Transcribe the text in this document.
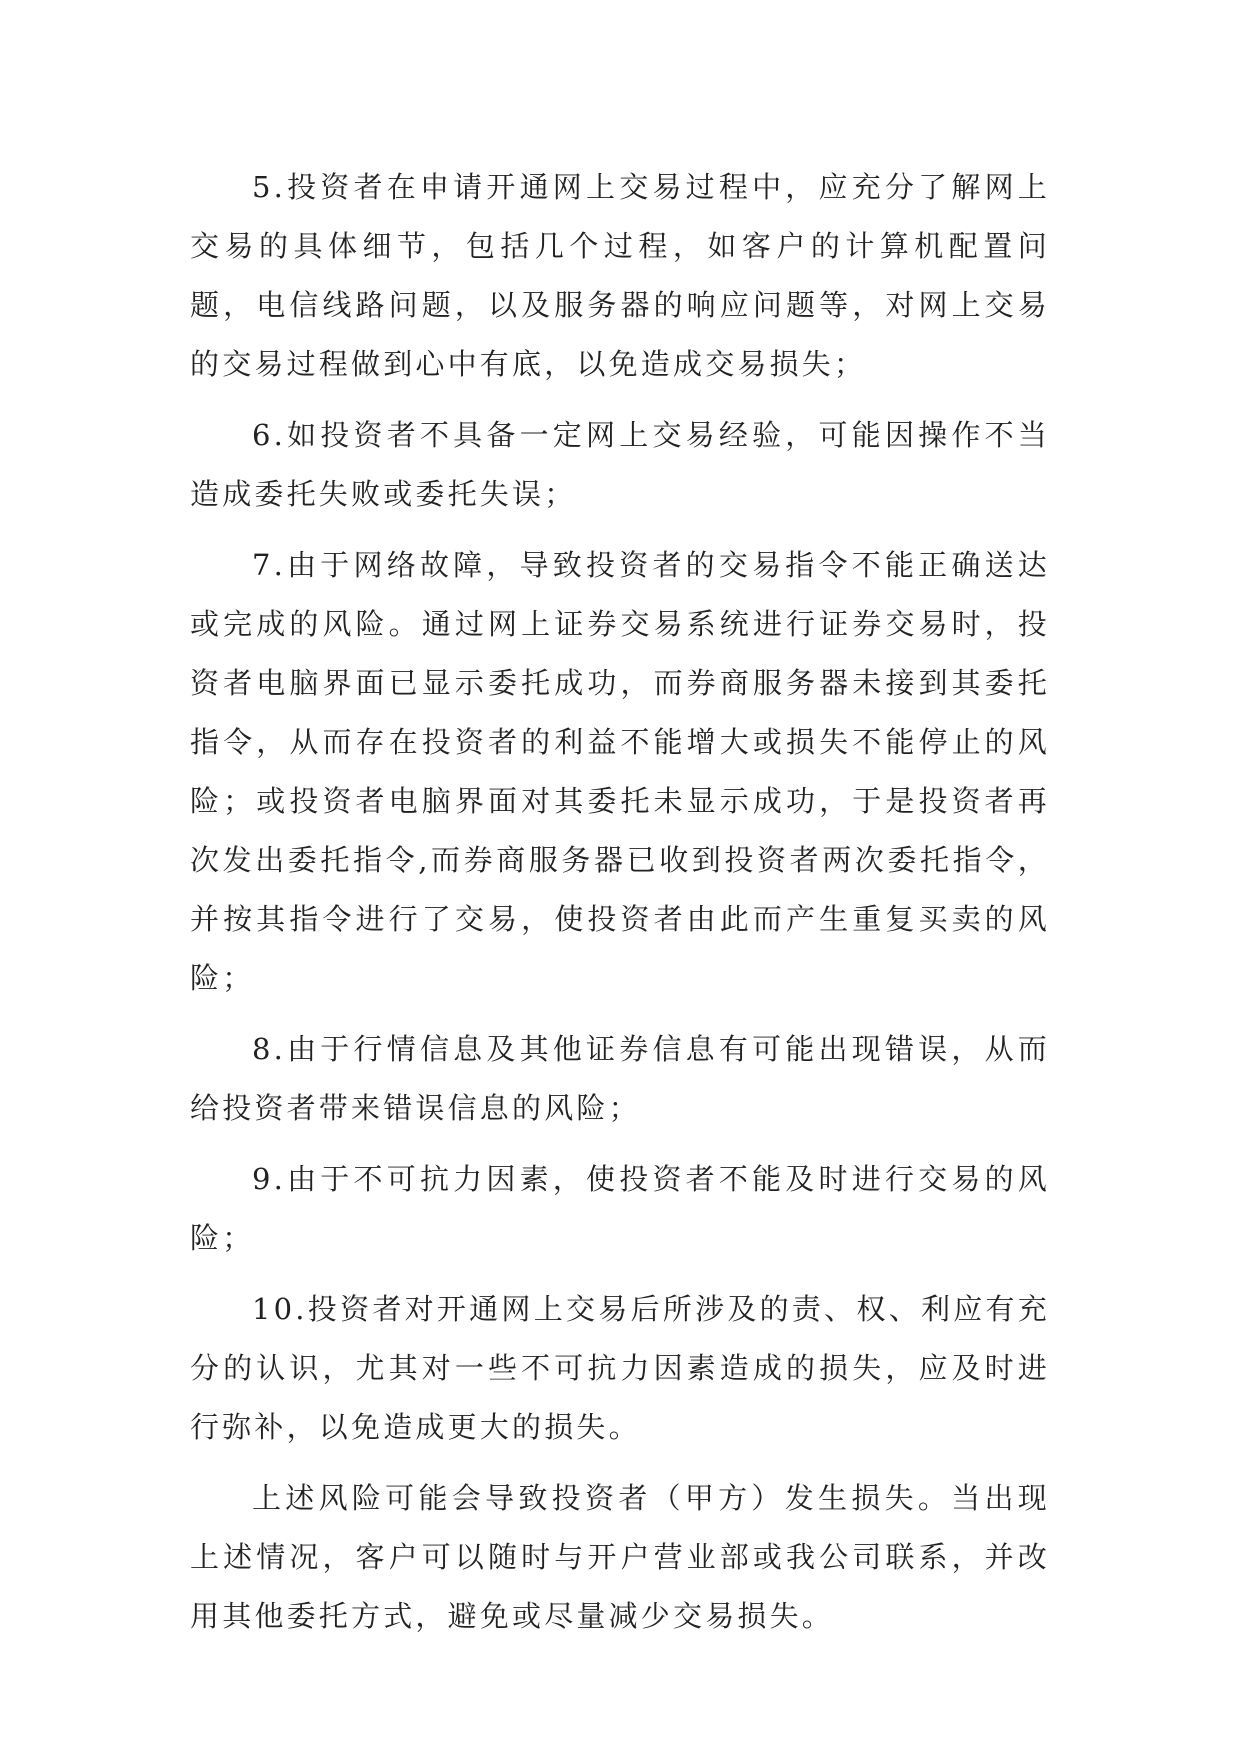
5.投资者在申请开通网上交易过程中，应充分了解网上交易的具体细节，包括几个过程，如客户的计算机配置问题，电信线路问题，以及服务器的响应问题等，对网上交易的交易过程做到心中有底，以免造成交易损失；

6.如投资者不具备一定网上交易经验，可能因操作不当造成委托失败或委托失误；

7.由于网络故障，导致投资者的交易指令不能正确送达或完成的风险。通过网上证券交易系统进行证券交易时，投资者电脑界面已显示委托成功，而券商服务器未接到其委托指令，从而存在投资者的利益不能增大或损失不能停止的风险；或投资者电脑界面对其委托未显示成功，于是投资者再次发出委托指令,而券商服务器已收到投资者两次委托指令，并按其指令进行了交易，使投资者由此而产生重复买卖的风险；

8.由于行情信息及其他证券信息有可能出现错误，从而给投资者带来错误信息的风险；

9.由于不可抗力因素，使投资者不能及时进行交易的风险；

10.投资者对开通网上交易后所涉及的责、权、利应有充分的认识，尤其对一些不可抗力因素造成的损失，应及时进行弥补，以免造成更大的损失。

上述风险可能会导致投资者（甲方）发生损失。当出现上述情况，客户可以随时与开户营业部或我公司联系，并改用其他委托方式，避免或尽量减少交易损失。
